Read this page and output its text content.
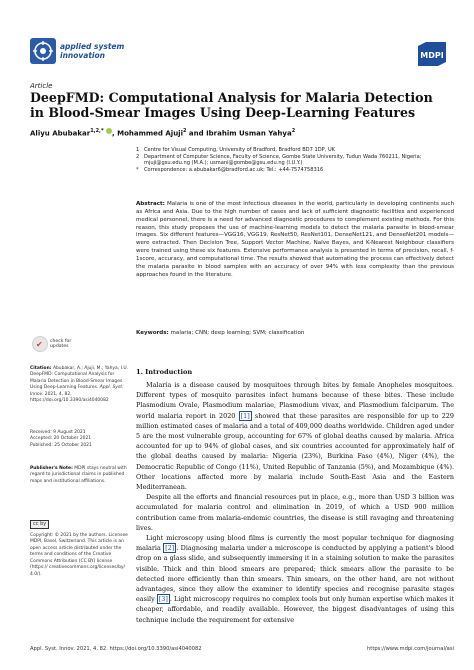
applied system
innovation	MDPI
Article
DeepFMD: Computational Analysis for Malaria Detection in Blood-Smear Images Using Deep-Learning Features
Aliyu Abubakar$^{1,2,*}$ , Mohammed Ajuji$^2$ and Ibrahim Usman Yahya$^2$
1 Centre for Visual Computing, University of Bradford, Bradford BD7 1DP, UK
2 Department of Computer Science, Faculty of Science, Gombe State University, Tudun Wada 760211, Nigeria; mjuji@gsu.edu.ng (M.A.); usmani@gombe@gsu.edu.ng (I.U.Y.)
*	Correspondence: a.abubakar6@bradford.ac.uk; Tel.: +44-7574758316
Abstract: Malaria is one of the most infectious diseases in the world, particularly in developing continents such as Africa and Asia. Due to the high number of cases and lack of sufficient diagnostic facilities and experienced medical personnel, there is a need for advanced diagnostic procedures to complement existing methods. For this reason, this study proposes the use of machine-learning models to detect the malaria parasite in blood-smear images. Six different features—VGG16, VGG19, ResNet50, ResNet101, DenseNet121, and DenseNet201 models—were extracted. Then Decision Tree, Support Vector Machine, Naïve Bayes, and K-Nearest Neighbour classifiers were trained using these six features. Extensive performance analysis is presented in terms of precision, recall, f-1score, accuracy, and computational time. The results showed that automating the process can effectively detect the malaria parasite in blood samples with an accuracy of over 94% with less complexity than the previous approaches found in the literature.
Keywords: malaria; CNN; deep learning; SVM; classification
✔ check for
updates
Citation: Abubakar, A.; Ajuji, M.; Yahya, I.U. DeepFMD: Computational Analysis for Malaria Detection in Blood-Smear Images Using Deep-Learning Features. Appl. Syst. Innov. 2021, 4, 82. https://doi.org/10.3390/asi4040082
Received: 9 August 2021
Accepted: 20 October 2021
Published: 25 October 2021
Publisher's Note: MDPI stays neutral with regard to jurisdictional claims in published maps and institutional affiliations.
cc by
Copyright: © 2021 by the authors. Licensee MDPI, Basel, Switzerland. This article is an open access article distributed under the terms and conditions of the Creative Commons Attribution (CC BY) license (https:// creativecommons.org/licenses/by/ 4.0/).
1. Introduction

Malaria is a disease caused by mosquitoes through bites by female Anopheles mosquitoes. Different types of mosquito parasites infect humans because of these bites. These include Plasmodium Ovale, Plasmodium malariae, Plasmodium vivax, and Plasmodium falciparum. The world malaria report in 2020 [1] showed that these parasites are responsible for up to 229 million estimated cases of malaria and a total of 409,000 deaths worldwide. Children aged under 5 are the most vulnerable group, accounting for 67% of global deaths caused by malaria. Africa accounted for up to 94% of global cases, and six countries accounted for approximately half of the global deaths caused by malaria: Nigeria (23%), Burkina Faso (4%), Niger (4%), the Democratic Republic of Congo (11%), United Republic of Tanzania (5%), and Mozambique (4%). Other locations affected more by malaria include South-East Asia and the Eastern Mediterranean.

Despite all the efforts and financial resources put in place, e.g., more than USD 3 billion was accumulated for malaria control and elimination in 2019, of which a USD 900 million contribution came from malaria-endemic countries, the disease is still ravaging and threatening lives.

Light microscopy using blood films is currently the most popular technique for diagnosing malaria [2] . Diagnosing malaria under a microscope is conducted by applying a patient's blood drop on a glass slide, and subsequently immersing it in a staining solution to make the parasites visible. Thick and thin blood smears are prepared; thick smears allow the parasite to be detected more efficiently than thin smears. Thin smears, on the other hand, are not without advantages, since they allow the examiner to identify species and recognise parasite stages easily [3] . Light microscopy requires no complex tools but only human expertise which makes it cheaper, affordable, and readily available. However, the biggest disadvantages of using this technique include the requirement for extensive

Appl. Syst. Innov. 2021, 4, 82. https://doi.org/10.3390/asi4040082	https://www.mdpi.com/journal/asi
